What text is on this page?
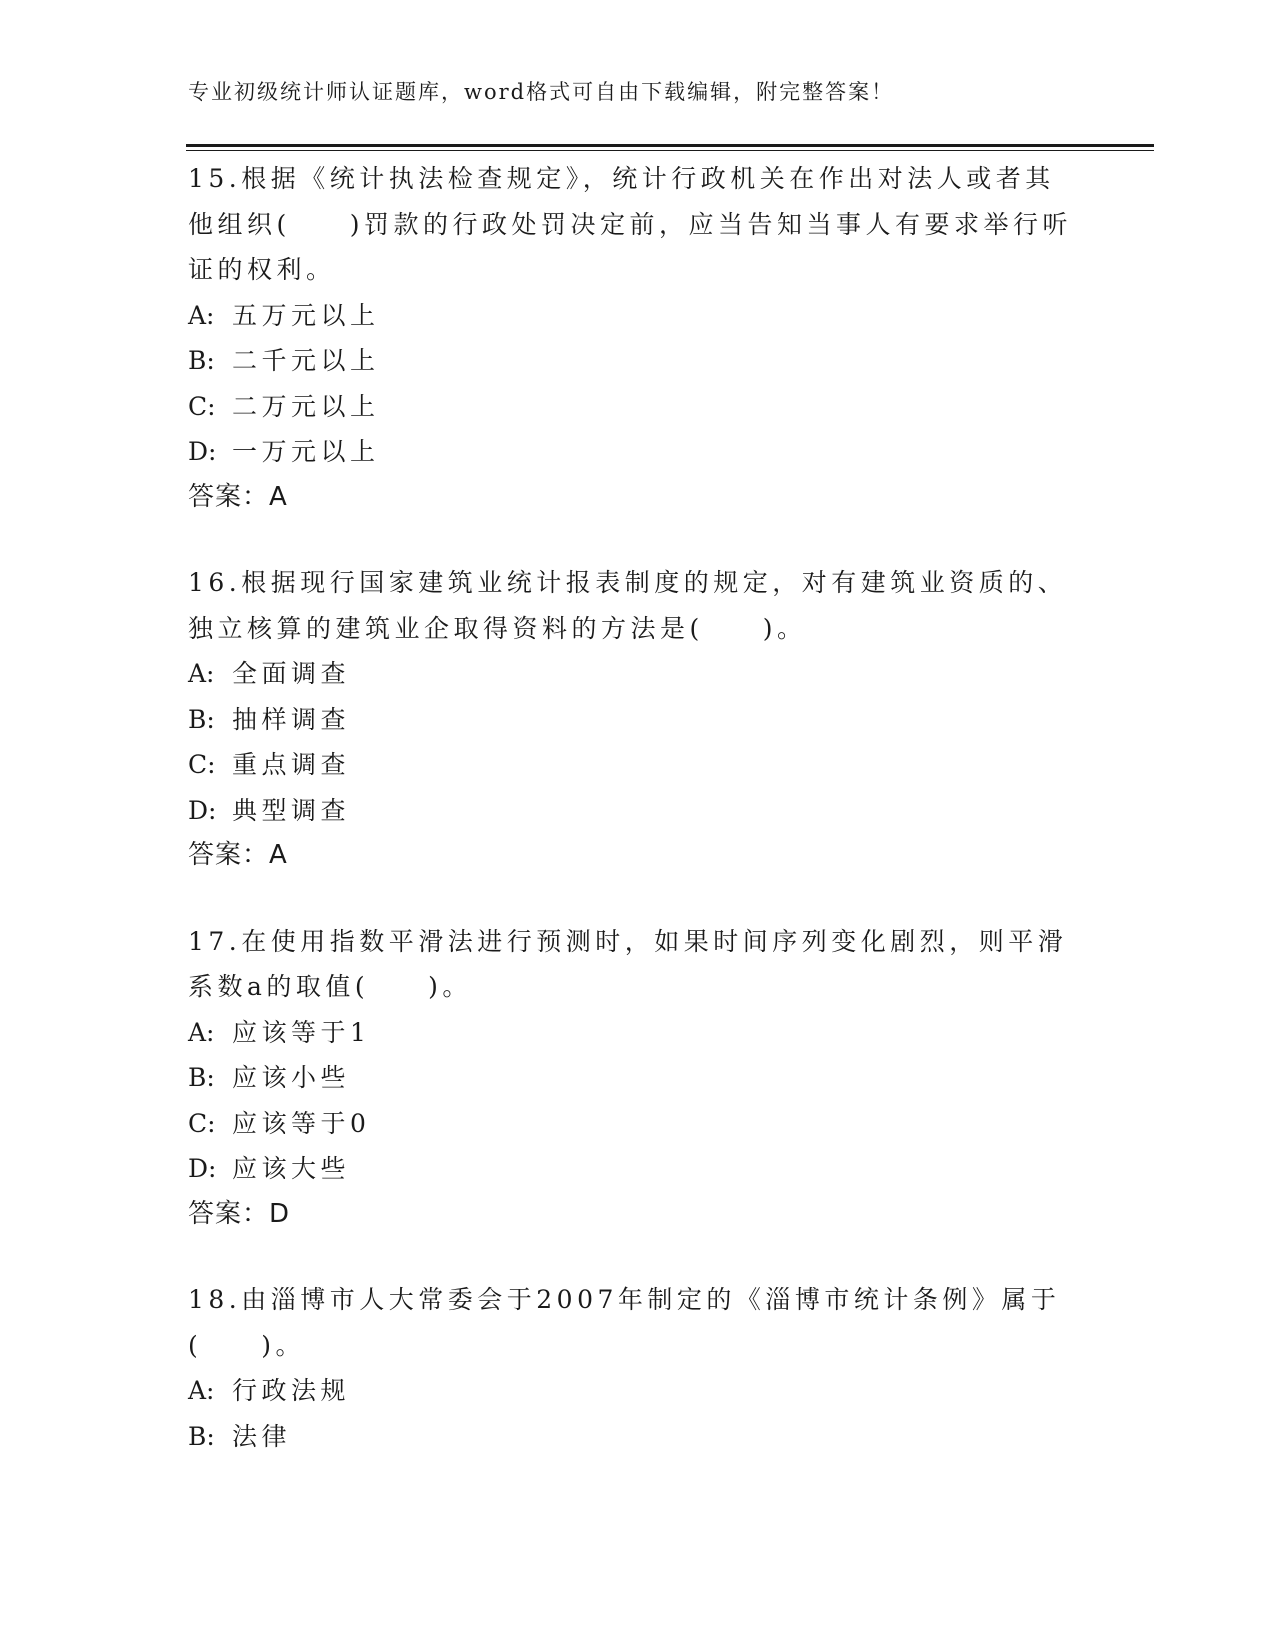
专业初级统计师认证题库，word格式可自由下载编辑，附完整答案！

15.根据《统计执法检查规定》，统计行政机关在作出对法人或者其他组织(　　)罚款的行政处罚决定前，应当告知当事人有要求举行听证的权利。

A: 五万元以上
B: 二千元以上
C: 二万元以上
D: 一万元以上
答案：A

16.根据现行国家建筑业统计报表制度的规定，对有建筑业资质的、独立核算的建筑业企取得资料的方法是(　　)。

A: 全面调查
B: 抽样调查
C: 重点调查
D: 典型调查
答案：A

17.在使用指数平滑法进行预测时，如果时间序列变化剧烈，则平滑系数a的取值(　　)。

A: 应该等于1
B: 应该小些
C: 应该等于0
D: 应该大些
答案：D

18.由淄博市人大常委会于2007年制定的《淄博市统计条例》属于(　　)。

A: 行政法规
B: 法律
